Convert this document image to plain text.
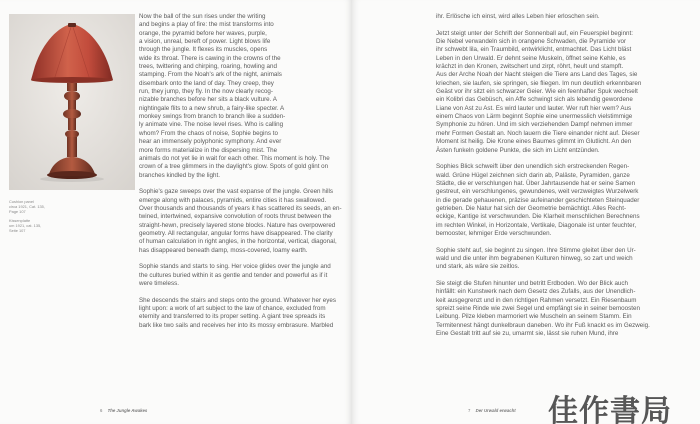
Cushion panel
circa 1921, Cat. 135,
Page 107
Kissenplatte
um 1921, cat. 135,
Seite 107

Now the ball of the sun rises under the writing

and begins a play of fire: the mist transforms into

orange, the pyramid before her waves, purple,

a vision, unreal, bereft of power. Light blows life

through the jungle. It flexes its muscles, opens

wide its throat. There is cawing in the crowns of the

trees, twittering and chirping, roaring, howling and

stamping. From the Noah's ark of the night, animals

disembark onto the land of day. They creep, they

run, they jump, they fly. In the now clearly recog-

nizable branches before her sits a black vulture. A

nightingale flits to a new shrub, a fairy-like specter. A

monkey swings from branch to branch like a sudden-

ly animate vine. The noise level rises. Who is calling

whom? From the chaos of noise, Sophie begins to

hear an immensely polyphonic symphony. And ever

more forms materialize in the dispersing mist. The

animals do not yet lie in wait for each other. This moment is holy. The

crown of a tree glimmers in the daylight's glow. Spots of gold glint on

branches kindled by the light.

Sophie's gaze sweeps over the vast expanse of the jungle. Green hills

emerge along with palaces, pyramids, entire cities it has swallowed.

Over thousands and thousands of years it has scattered its seeds, an en-

twined, intertwined, expansive convolution of roots thrust between the

straight-hewn, precisely layered stone blocks. Nature has overpowered

geometry. All rectangular, angular forms have disappeared. The clarity

of human calculation in right angles, in the horizontal, vertical, diagonal,

has disappeared beneath damp, moss-covered, loamy earth.

Sophie stands and starts to sing. Her voice glides over the jungle and

the cultures buried within it as gentle and tender and powerful as if it

were timeless.

She descends the stairs and steps onto the ground. Whatever her eyes

light upon: a work of art subject to the law of chance, excluded from

eternity and transferred to its proper setting. A giant tree spreads its

bark like two sails and receives her into its mossy embrasure. Marbled

6 The Jungle Awakes	7 Der Urwald erwacht

ihr. Erlösche ich einst, wird alles Leben hier erloschen sein.

Jetzt steigt unter der Schrift der Sonnenball auf, ein Feuerspiel beginnt:

Die Nebel verwandeln sich in orangene Schwaden, die Pyramide vor

ihr schwebt lila, ein Traumbild, entwirklicht, entmachtet. Das Licht bläst

Leben in den Urwald. Er dehnt seine Muskeln, öffnet seine Kehle, es

krächzt in den Kronen, zwitschert und zirpt, röhrt, heult und stampft.

Aus der Arche Noah der Nacht steigen die Tiere ans Land des Tages, sie

kriechen, sie laufen, sie springen, sie fliegen. Im nun deutlich erkennbaren

Geäst vor ihr sitzt ein schwarzer Geier. Wie ein feenhafter Spuk wechselt

ein Kolibri das Gebüsch, ein Affe schwingt sich als lebendig gewordene

Liane von Ast zu Ast. Es wird lauter und lauter. Wer ruft hier wem? Aus

einem Chaos von Lärm beginnt Sophie eine unermesslich vielstimmige

Symphonie zu hören. Und im sich verziehenden Dampf nehmen immer

mehr Formen Gestalt an. Noch lauern die Tiere einander nicht auf. Dieser

Moment ist heilig. Die Krone eines Baumes glimmt im Glutlicht. An den

Ästen funkeln goldene Punkte, die sich im Licht entzünden.

Sophies Blick schweift über den unendlich sich erstreckenden Regen-

wald. Grüne Hügel zeichnen sich darin ab, Paläste, Pyramiden, ganze

Städte, die er verschlungen hat. Über Jahrtausende hat er seine Samen

gestreut, ein verschlungenes, gewundenes, weit verzweigtes Wurzelwerk

in die gerade gehauenen, präzise aufeinander geschichteten Steinquader

getrieben. Die Natur hat sich der Geometrie bemächtigt. Alles Recht-

eckige, Kantige ist verschwunden. Die Klarheit menschlichen Berechnens

im rechten Winkel, in Horizontale, Vertikale, Diagonale ist unter feuchter,

bemooster, lehmiger Erde verschwunden.

Sophie steht auf, sie beginnt zu singen. Ihre Stimme gleitet über den Ur-

wald und die unter ihm begrabenen Kulturen hinweg, so zart und weich

und stark, als wäre sie zeitlos.

Sie steigt die Stufen hinunter und betritt Erdboden. Wo der Blick auch

hinfällt: ein Kunstwerk nach dem Gesetz des Zufalls, aus der Unendlich-

keit ausgegrenzt und in den richtigen Rahmen versetzt. Ein Riesenbaum

spreizt seine Rinde wie zwei Segel und empfängt sie in seiner bemoosten

Leibung. Pilze kleben marmoriert wie Muscheln an seinem Stamm. Ein

Termitennest hängt dunkelbraun daneben. Wo ihr Fuß knackt es im Gezweig.

Eine Gestalt tritt auf sie zu, umarmt sie, lässt sie ruhen Mund, ihre

佳作書局
